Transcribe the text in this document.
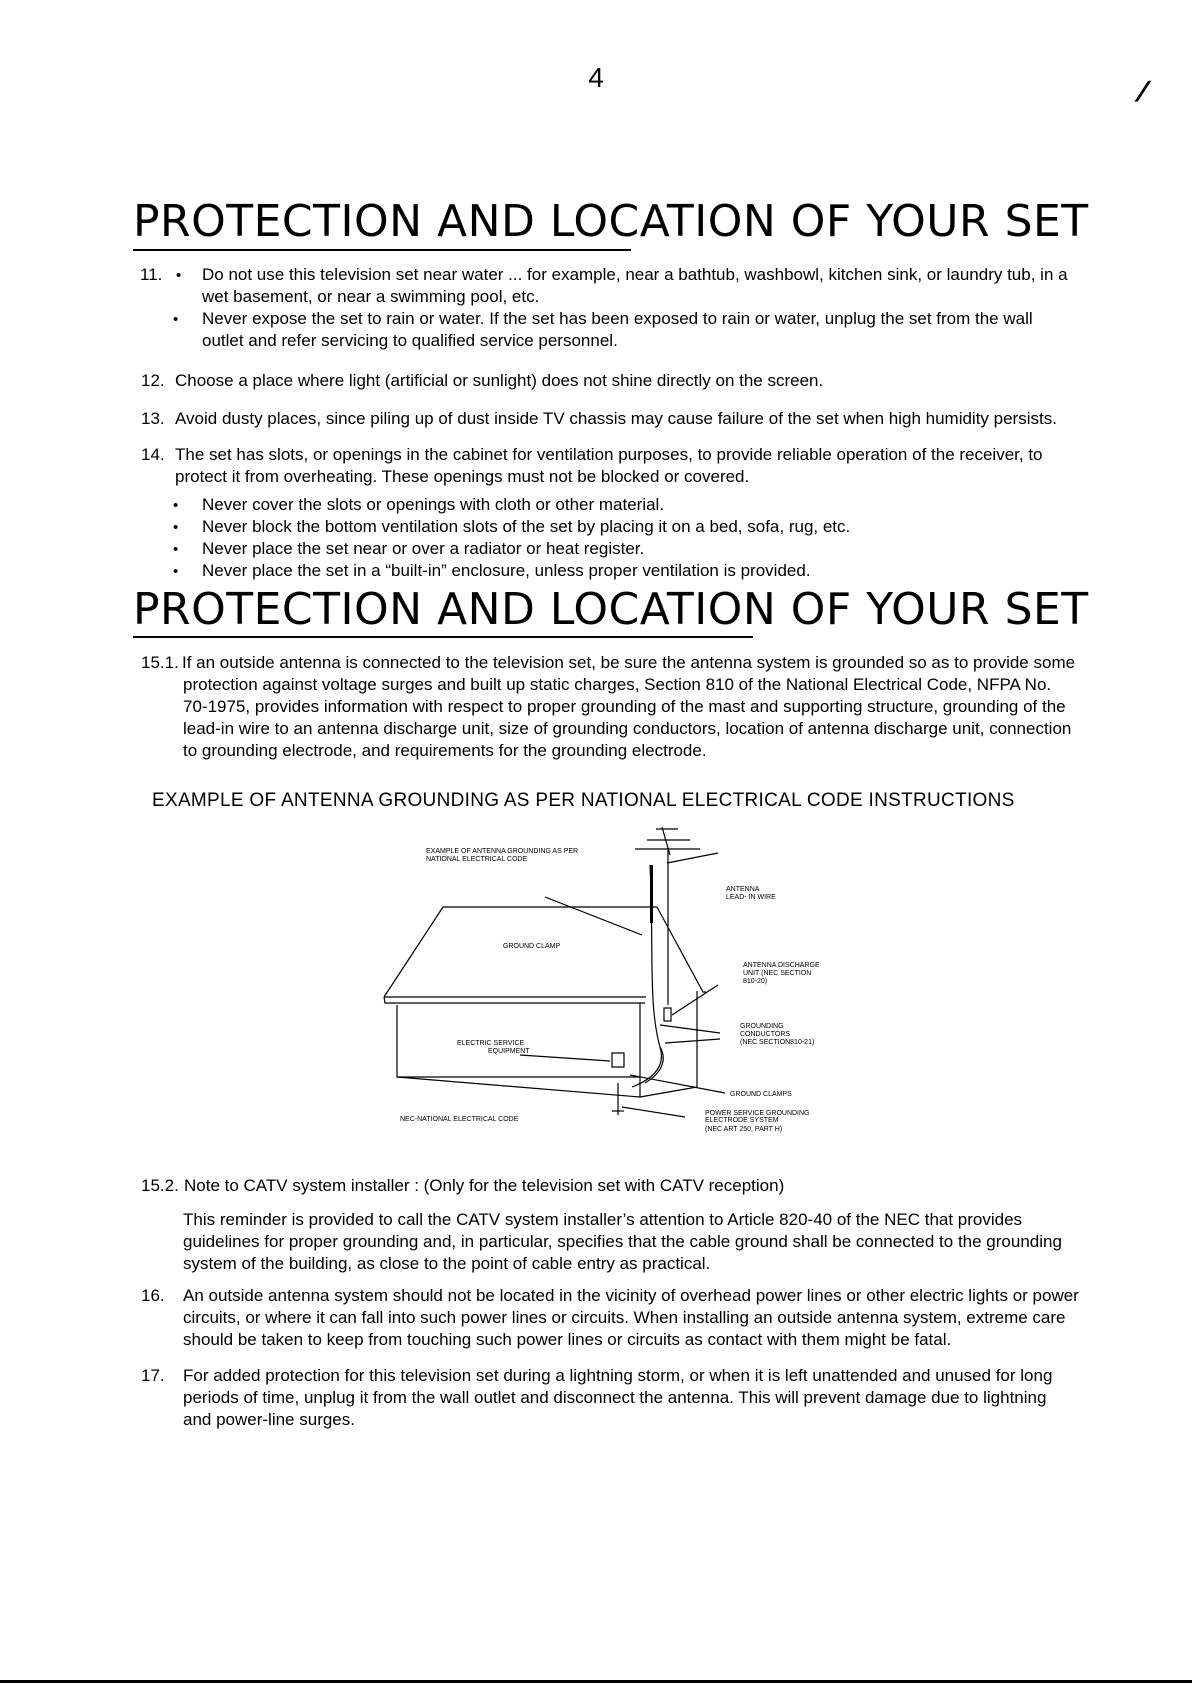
4	/
PROTECTION AND LOCATION OF YOUR SET
11. • Do not use this television set near water ... for example, near a bathtub, washbowl, kitchen sink, or laundry tub, in a
wet basement, or near a swimming pool, etc.
• Never expose the set to rain or water. If the set has been exposed to rain or water, unplug the set from the wall
outlet and refer servicing to qualified service personnel.
12. Choose a place where light (artificial or sunlight) does not shine directly on the screen.
13. Avoid dusty places, since piling up of dust inside TV chassis may cause failure of the set when high humidity persists.
14. The set has slots, or openings in the cabinet for ventilation purposes, to provide reliable operation of the receiver, to
protect it from overheating. These openings must not be blocked or covered.
• Never cover the slots or openings with cloth or other material.
• Never block the bottom ventilation slots of the set by placing it on a bed, sofa, rug, etc.
• Never place the set near or over a radiator or heat register.
• Never place the set in a “built-in” enclosure, unless proper ventilation is provided.
PROTECTION AND LOCATION OF YOUR SET
15.1. If an outside antenna is connected to the television set, be sure the antenna system is grounded so as to provide some
protection against voltage surges and built up static charges, Section 810 of the National Electrical Code, NFPA No.
70-1975, provides information with respect to proper grounding of the mast and supporting structure, grounding of the
lead-in wire to an antenna discharge unit, size of grounding conductors, location of antenna discharge unit, connection
to grounding electrode, and requirements for the grounding electrode.
EXAMPLE OF ANTENNA GROUNDING AS PER NATIONAL ELECTRICAL CODE INSTRUCTIONS
EXAMPLE OF ANTENNA GROUNDING AS PER
NATIONAL ELECTRICAL CODE
ANTENNA
LEAD- IN WIRE
GROUND CLAMP
ANTENNA DISCHARGE
UNIT (NEC SECTION
810-20)
GROUNDING
CONDUCTORS
(NEC SECTION810-21)
ELECTRIC SERVICE
EQUIPMENT
GROUND CLAMPS
POWER SERVICE GROUNDING
ELECTRODE SYSTEM
(NEC ART 250, PART H)
NEC-NATIONAL ELECTRICAL CODE
15.2. Note to CATV system installer : (Only for the television set with CATV reception)
This reminder is provided to call the CATV system installer’s attention to Article 820-40 of the NEC that provides
guidelines for proper grounding and, in particular, specifies that the cable ground shall be connected to the grounding
system of the building, as close to the point of cable entry as practical.
16. An outside antenna system should not be located in the vicinity of overhead power lines or other electric lights or power
circuits, or where it can fall into such power lines or circuits. When installing an outside antenna system, extreme care
should be taken to keep from touching such power lines or circuits as contact with them might be fatal.
17. For added protection for this television set during a lightning storm, or when it is left unattended and unused for long
periods of time, unplug it from the wall outlet and disconnect the antenna. This will prevent damage due to lightning
and power-line surges.
